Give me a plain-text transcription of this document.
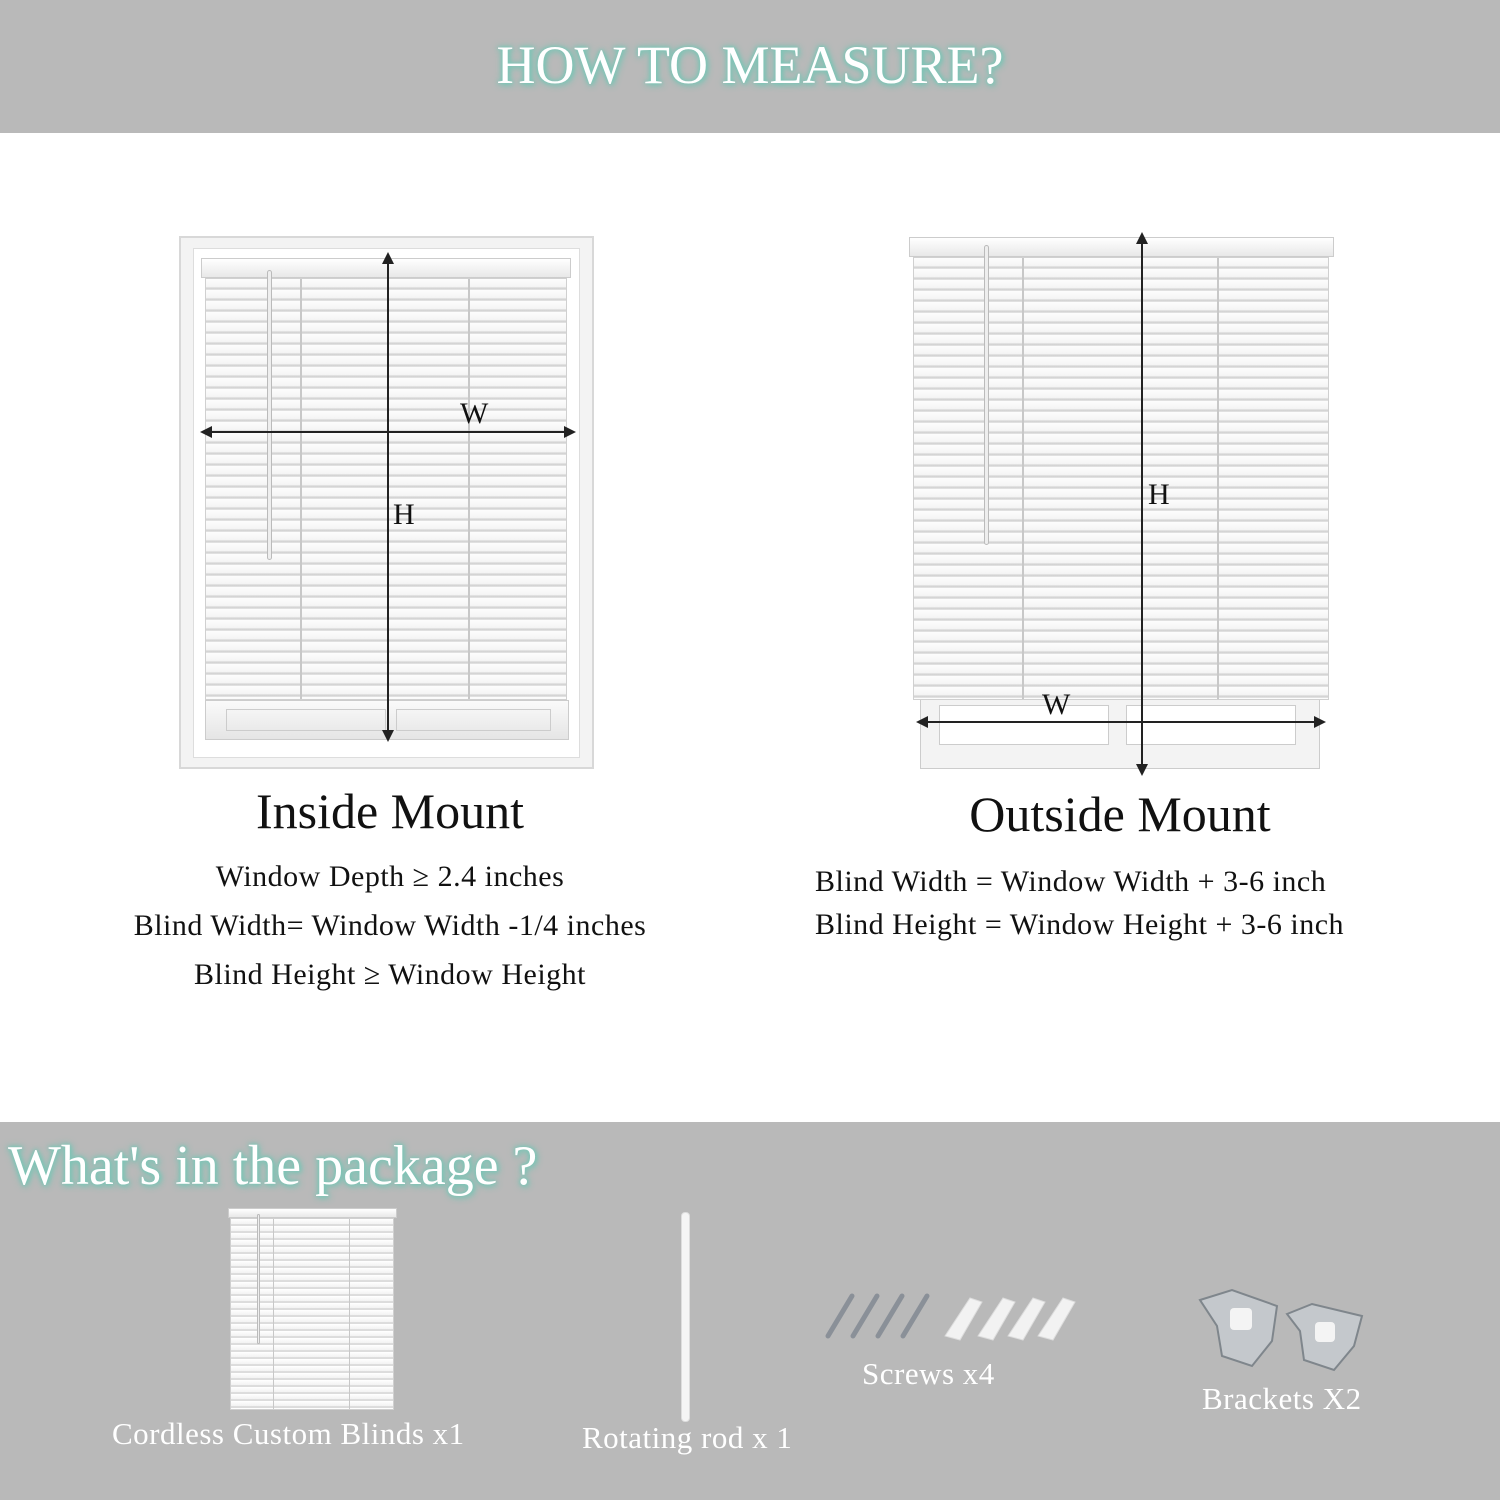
HOW TO MEASURE?
W
H
Inside Mount
Window Depth ≥ 2.4 inches
Blind Width= Window Width -1/4 inches
Blind Height ≥ Window Height
W
H
Outside Mount
Blind Width = Window Width + 3-6 inch
Blind Height = Window Height + 3-6 inch
What's in the package ?
Cordless Custom Blinds x1	Rotating rod x 1
Screws x4
Brackets X2
